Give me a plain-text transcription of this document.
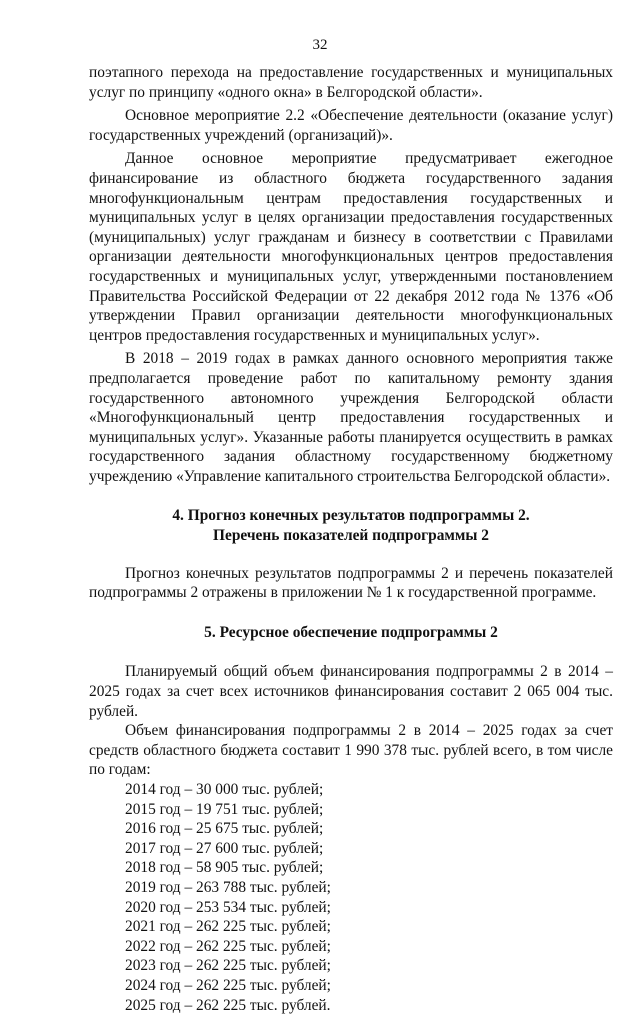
32

поэтапного перехода на предоставление государственных и муниципальных услуг по принципу «одного окна» в Белгородской области».

Основное мероприятие 2.2 «Обеспечение деятельности (оказание услуг) государственных учреждений (организаций)».

Данное основное мероприятие предусматривает ежегодное финансирование из областного бюджета государственного задания многофункциональным центрам предоставления государственных и муниципальных услуг в целях организации предоставления государственных (муниципальных) услуг гражданам и бизнесу в соответствии с Правилами организации деятельности многофункциональных центров предоставления государственных и муниципальных услуг, утвержденными постановлением Правительства Российской Федерации от 22 декабря 2012 года № 1376 «Об утверждении Правил организации деятельности многофункциональных центров предоставления государственных и муниципальных услуг».

В 2018 – 2019 годах в рамках данного основного мероприятия также предполагается проведение работ по капитальному ремонту здания государственного автономного учреждения Белгородской области «Многофункциональный центр предоставления государственных и муниципальных услуг». Указанные работы планируется осуществить в рамках государственного задания областному государственному бюджетному учреждению «Управление капитального строительства Белгородской области».

4. Прогноз конечных результатов подпрограммы 2.
Перечень показателей подпрограммы 2

Прогноз конечных результатов подпрограммы 2 и перечень показателей подпрограммы 2 отражены в приложении № 1 к государственной программе.

5. Ресурсное обеспечение подпрограммы 2

Планируемый общий объем финансирования подпрограммы 2 в 2014 – 2025 годах за счет всех источников финансирования составит 2 065 004 тыс. рублей.

Объем финансирования подпрограммы 2 в 2014 – 2025 годах за счет средств областного бюджета составит 1 990 378 тыс. рублей всего, в том числе по годам:

2014 год – 30 000 тыс. рублей;
2015 год – 19 751 тыс. рублей;
2016 год – 25 675 тыс. рублей;
2017 год – 27 600 тыс. рублей;
2018 год – 58 905 тыс. рублей;
2019 год – 263 788 тыс. рублей;
2020 год – 253 534 тыс. рублей;
2021 год – 262 225 тыс. рублей;
2022 год – 262 225 тыс. рублей;
2023 год – 262 225 тыс. рублей;
2024 год – 262 225 тыс. рублей;
2025 год – 262 225 тыс. рублей.
